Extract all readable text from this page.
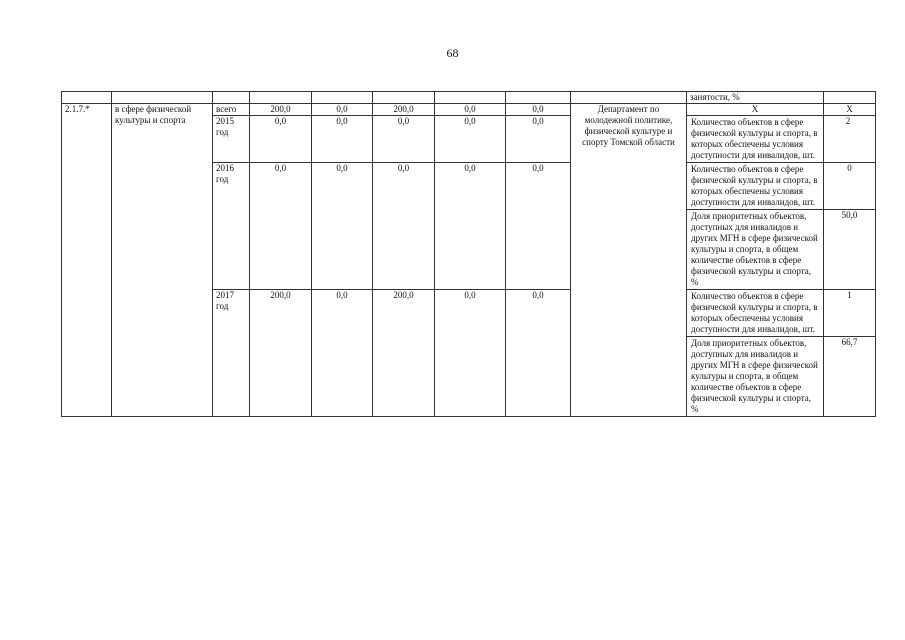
68
									занятости, %	
2.1.7.*	в сфере физической культуры и спорта	всего	200,0	0,0	200,0	0,0	0,0	Департамент по молодежной политике, физической культуре и спорту Томской области	Х	Х

		2015 год	0,0	0,0	0,0	0,0	0,0		Количество объектов в сфере физической культуры и спорта, в которых обеспечены условия доступности для инвалидов, шт.	2

		2016 год	0,0	0,0	0,0	0,0	0,0		Количество объектов в сфере физической культуры и спорта, в которых обеспечены условия доступности для инвалидов, шт.	0
									Доля приоритетных объектов, доступных для инвалидов и других МГН в сфере физической культуры и спорта, в общем количестве объектов в сфере физической культуры и спорта, %	50,0
		2017 год	200,0	0,0	200,0	0,0	0,0		Количество объектов в сфере физической культуры и спорта, в которых обеспечены условия доступности для инвалидов, шт.	1

									Доля приоритетных объектов, доступных для инвалидов и других МГН в сфере физической культуры и спорта, в общем количестве объектов в сфере физической культуры и спорта, %	66,7
